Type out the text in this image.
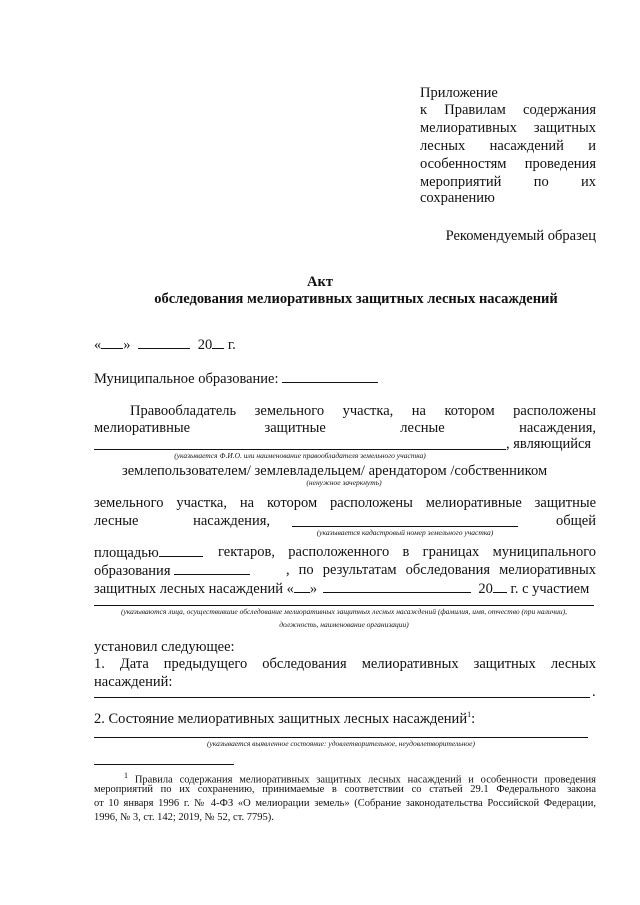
Приложение
к Правилам содержания
мелиоративных защитных
лесных насаждений и
особенностям проведения
мероприятий по их
сохранению
Рекомендуемый образец
Акт
обследования мелиоративных защитных лесных насаждений
« »	20 г.
Муниципальное образование:
Правообладатель земельного участка, на котором расположены
мелиоративные	защитные	лесные	насаждения,
, являющийся
(указывается Ф.И.О. или наименование правообладателя земельного участка)
землепользователем/ землевладельцем/ арендатором /собственником
(ненужное зачеркнуть)
земельного участка, на котором расположены мелиоративные защитные
лесные	насаждения,	общей
(указывается кадастровый номер земельного участка)
площадью	гектаров, расположенного в границах муниципального
образования	, по результатам обследования мелиоративных
защитных лесных насаждений « »	20 г. с участием
(указываются лица, осуществившие обследование мелиоративных защитных лесных насаждений (фамилия, имя, отчество (при наличии),
должность, наименование организации)
установил следующее:
1. Дата предыдущего обследования мелиоративных защитных лесных
насаждений:
.
2. Состояние мелиоративных защитных лесных насаждений$^1$:
(указывается выявленное состояние: удовлетворительное, неудовлетворительное)
$^1$ Правила содержания мелиоративных защитных лесных насаждений и особенности проведения
мероприятий по их сохранению, принимаемые в соответствии со статьей 29.1 Федерального закона
от 10 января 1996 г. № 4-ФЗ «О мелиорации земель» (Собрание законодательства Российской Федерации,
1996, № 3, ст. 142; 2019, № 52, ст. 7795).
